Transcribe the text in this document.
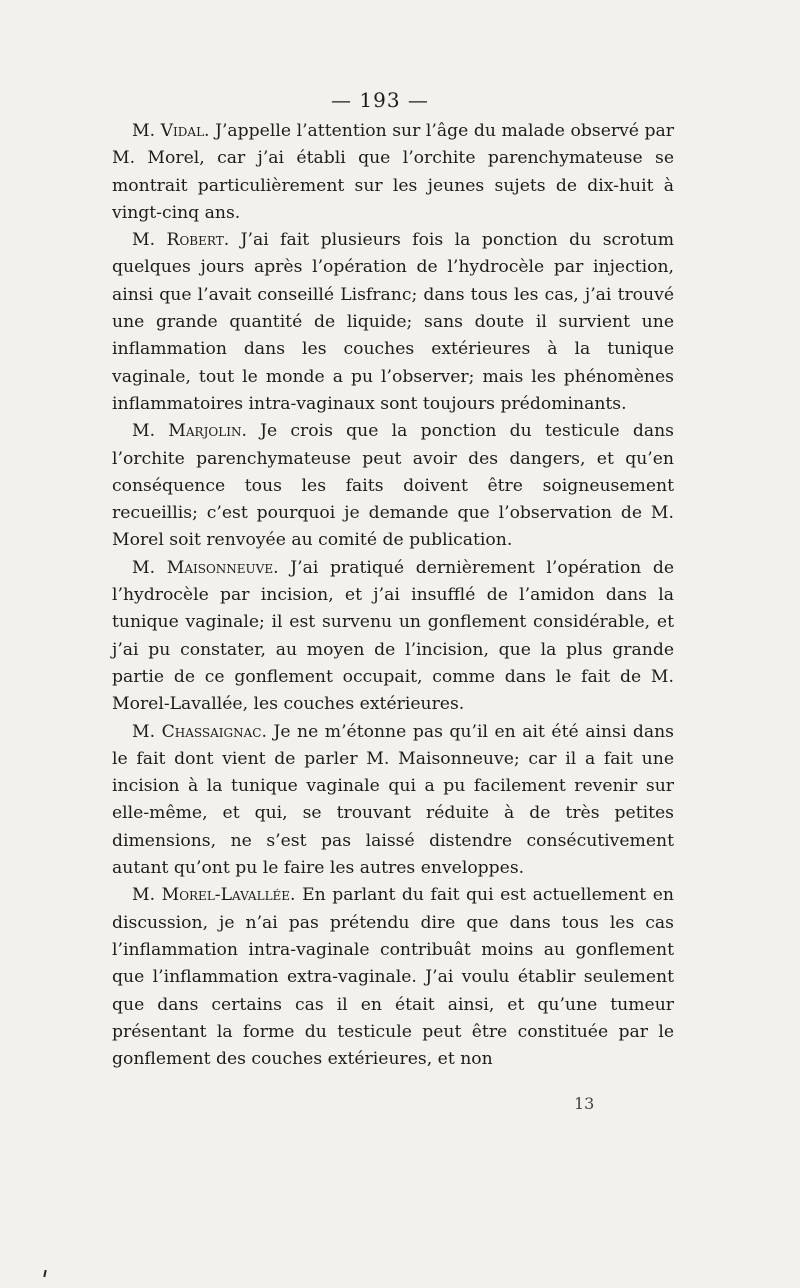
— 193 —

M. Vidal. J’appelle l’attention sur l’âge du malade observé par M. Morel, car j’ai établi que l’orchite parenchymateuse se montrait particulièrement sur les jeunes sujets de dix-huit à vingt-cinq ans.

M. Robert. J’ai fait plusieurs fois la ponction du scrotum quelques jours après l’opération de l’hydrocèle par injection, ainsi que l’avait conseillé Lisfranc; dans tous les cas, j’ai trouvé une grande quantité de liquide; sans doute il survient une inflammation dans les couches extérieures à la tunique vaginale, tout le monde a pu l’observer; mais les phénomènes inflammatoires intra-vaginaux sont toujours prédominants.

M. Marjolin. Je crois que la ponction du testicule dans l’orchite parenchymateuse peut avoir des dangers, et qu’en conséquence tous les faits doivent être soigneusement recueillis; c’est pourquoi je demande que l’observation de M. Morel soit renvoyée au comité de publication.

M. Maisonneuve. J’ai pratiqué dernièrement l’opération de l’hydrocèle par incision, et j’ai insufflé de l’amidon dans la tunique vaginale; il est survenu un gonflement considérable, et j’ai pu constater, au moyen de l’incision, que la plus grande partie de ce gonflement occupait, comme dans le fait de M. Morel-Lavallée, les couches extérieures.

M. Chassaignac. Je ne m’étonne pas qu’il en ait été ainsi dans le fait dont vient de parler M. Maisonneuve; car il a fait une incision à la tunique vaginale qui a pu facilement revenir sur elle-même, et qui, se trouvant réduite à de très petites dimensions, ne s’est pas laissé distendre consécutivement autant qu’ont pu le faire les autres enveloppes.

M. Morel-Lavallée. En parlant du fait qui est actuellement en discussion, je n’ai pas prétendu dire que dans tous les cas l’inflammation intra-vaginale contribuât moins au gonflement que l’inflammation extra-vaginale. J’ai voulu établir seulement que dans certains cas il en était ainsi, et qu’une tumeur présentant la forme du testicule peut être constituée par le gonflement des couches extérieures, et non

13
